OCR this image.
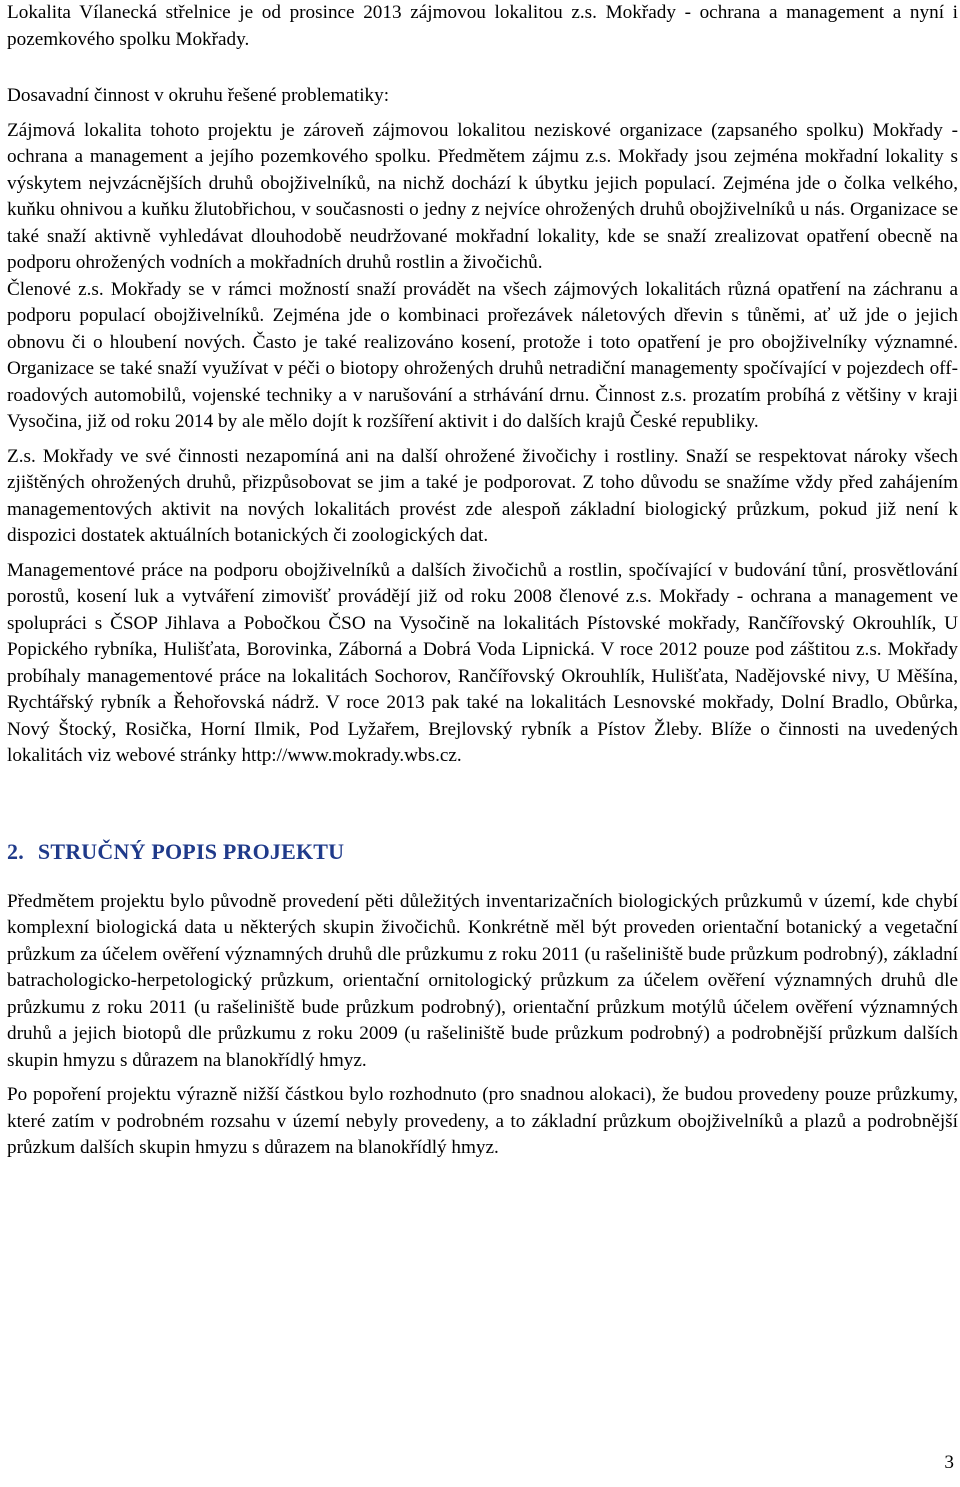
Lokalita Vílanecká střelnice je od prosince 2013 zájmovou lokalitou z.s. Mokřady - ochrana a management a nyní i pozemkového spolku Mokřady.

Dosavadní činnost v okruhu řešené problematiky:

Zájmová lokalita tohoto projektu je zároveň zájmovou lokalitou neziskové organizace (zapsaného spolku) Mokřady - ochrana a management a jejího pozemkového spolku. Předmětem zájmu z.s. Mokřady jsou zejména mokřadní lokality s výskytem nejvzácnějších druhů obojživelníků, na nichž dochází k úbytku jejich populací. Zejména jde o čolka velkého, kuňku ohnivou a kuňku žlutobřichou, v současnosti o jedny z nejvíce ohrožených druhů obojživelníků u nás. Organizace se také snaží aktivně vyhledávat dlouhodobě neudržované mokřadní lokality, kde se snaží zrealizovat opatření obecně na podporu ohrožených vodních a mokřadních druhů rostlin a živočichů.

Členové z.s. Mokřady se v rámci možností snaží provádět na všech zájmových lokalitách různá opatření na záchranu a podporu populací obojživelníků. Zejména jde o kombinaci prořezávek náletových dřevin s tůněmi, ať už jde o jejich obnovu či o hloubení nových. Často je také realizováno kosení, protože i toto opatření je pro obojživelníky významné. Organizace se také snaží využívat v péči o biotopy ohrožených druhů netradiční managementy spočívající v pojezdech off-roadových automobilů, vojenské techniky a v narušování a strhávání drnu. Činnost z.s. prozatím probíhá z většiny v kraji Vysočina, již od roku 2014 by ale mělo dojít k rozšíření aktivit i do dalších krajů České republiky.

Z.s. Mokřady ve své činnosti nezapomíná ani na další ohrožené živočichy i rostliny. Snaží se respektovat nároky všech zjištěných ohrožených druhů, přizpůsobovat se jim a také je podporovat. Z toho důvodu se snažíme vždy před zahájením managementových aktivit na nových lokalitách provést zde alespoň základní biologický průzkum, pokud již není k dispozici dostatek aktuálních botanických či zoologických dat.

Managementové práce na podporu obojživelníků a dalších živočichů a rostlin, spočívající v budování tůní, prosvětlování porostů, kosení luk a vytváření zimovišť provádějí již od roku 2008 členové z.s. Mokřady - ochrana a management ve spolupráci s ČSOP Jihlava a Pobočkou ČSO na Vysočině na lokalitách Pístovské mokřady, Rančířovský Okrouhlík, U Popického rybníka, Hulišťata, Borovinka, Záborná a Dobrá Voda Lipnická. V roce 2012 pouze pod záštitou z.s. Mokřady probíhaly managementové práce na lokalitách Sochorov, Rančířovský Okrouhlík, Hulišťata, Nadějovské nivy, U Měšína, Rychtářský rybník a Řehořovská nádrž. V roce 2013 pak také na lokalitách Lesnovské mokřady, Dolní Bradlo, Obůrka, Nový Štocký, Rosička, Horní Ilmik, Pod Lyžařem, Brejlovský rybník a Pístov Žleby. Blíže o činnosti na uvedených lokalitách viz webové stránky http://www.mokrady.wbs.cz.

2. STRUČNÝ POPIS PROJEKTU

Předmětem projektu bylo původně provedení pěti důležitých inventarizačních biologických průzkumů v území, kde chybí komplexní biologická data u některých skupin živočichů. Konkrétně měl být proveden orientační botanický a vegetační průzkum za účelem ověření významných druhů dle průzkumu z roku 2011 (u rašeliniště bude průzkum podrobný), základní batrachologicko-herpetologický průzkum, orientační ornitologický průzkum za účelem ověření významných druhů dle průzkumu z roku 2011 (u rašeliniště bude průzkum podrobný), orientační průzkum motýlů účelem ověření významných druhů a jejich biotopů dle průzkumu z roku 2009 (u rašeliniště bude průzkum podrobný) a podrobnější průzkum dalších skupin hmyzu s důrazem na blanokřídlý hmyz.

Po popoření projektu výrazně nižší částkou bylo rozhodnuto (pro snadnou alokaci), že budou provedeny pouze průzkumy, které zatím v podrobném rozsahu v území nebyly provedeny, a to základní průzkum obojživelníků a plazů a podrobnější průzkum dalších skupin hmyzu s důrazem na blanokřídlý hmyz.

3
